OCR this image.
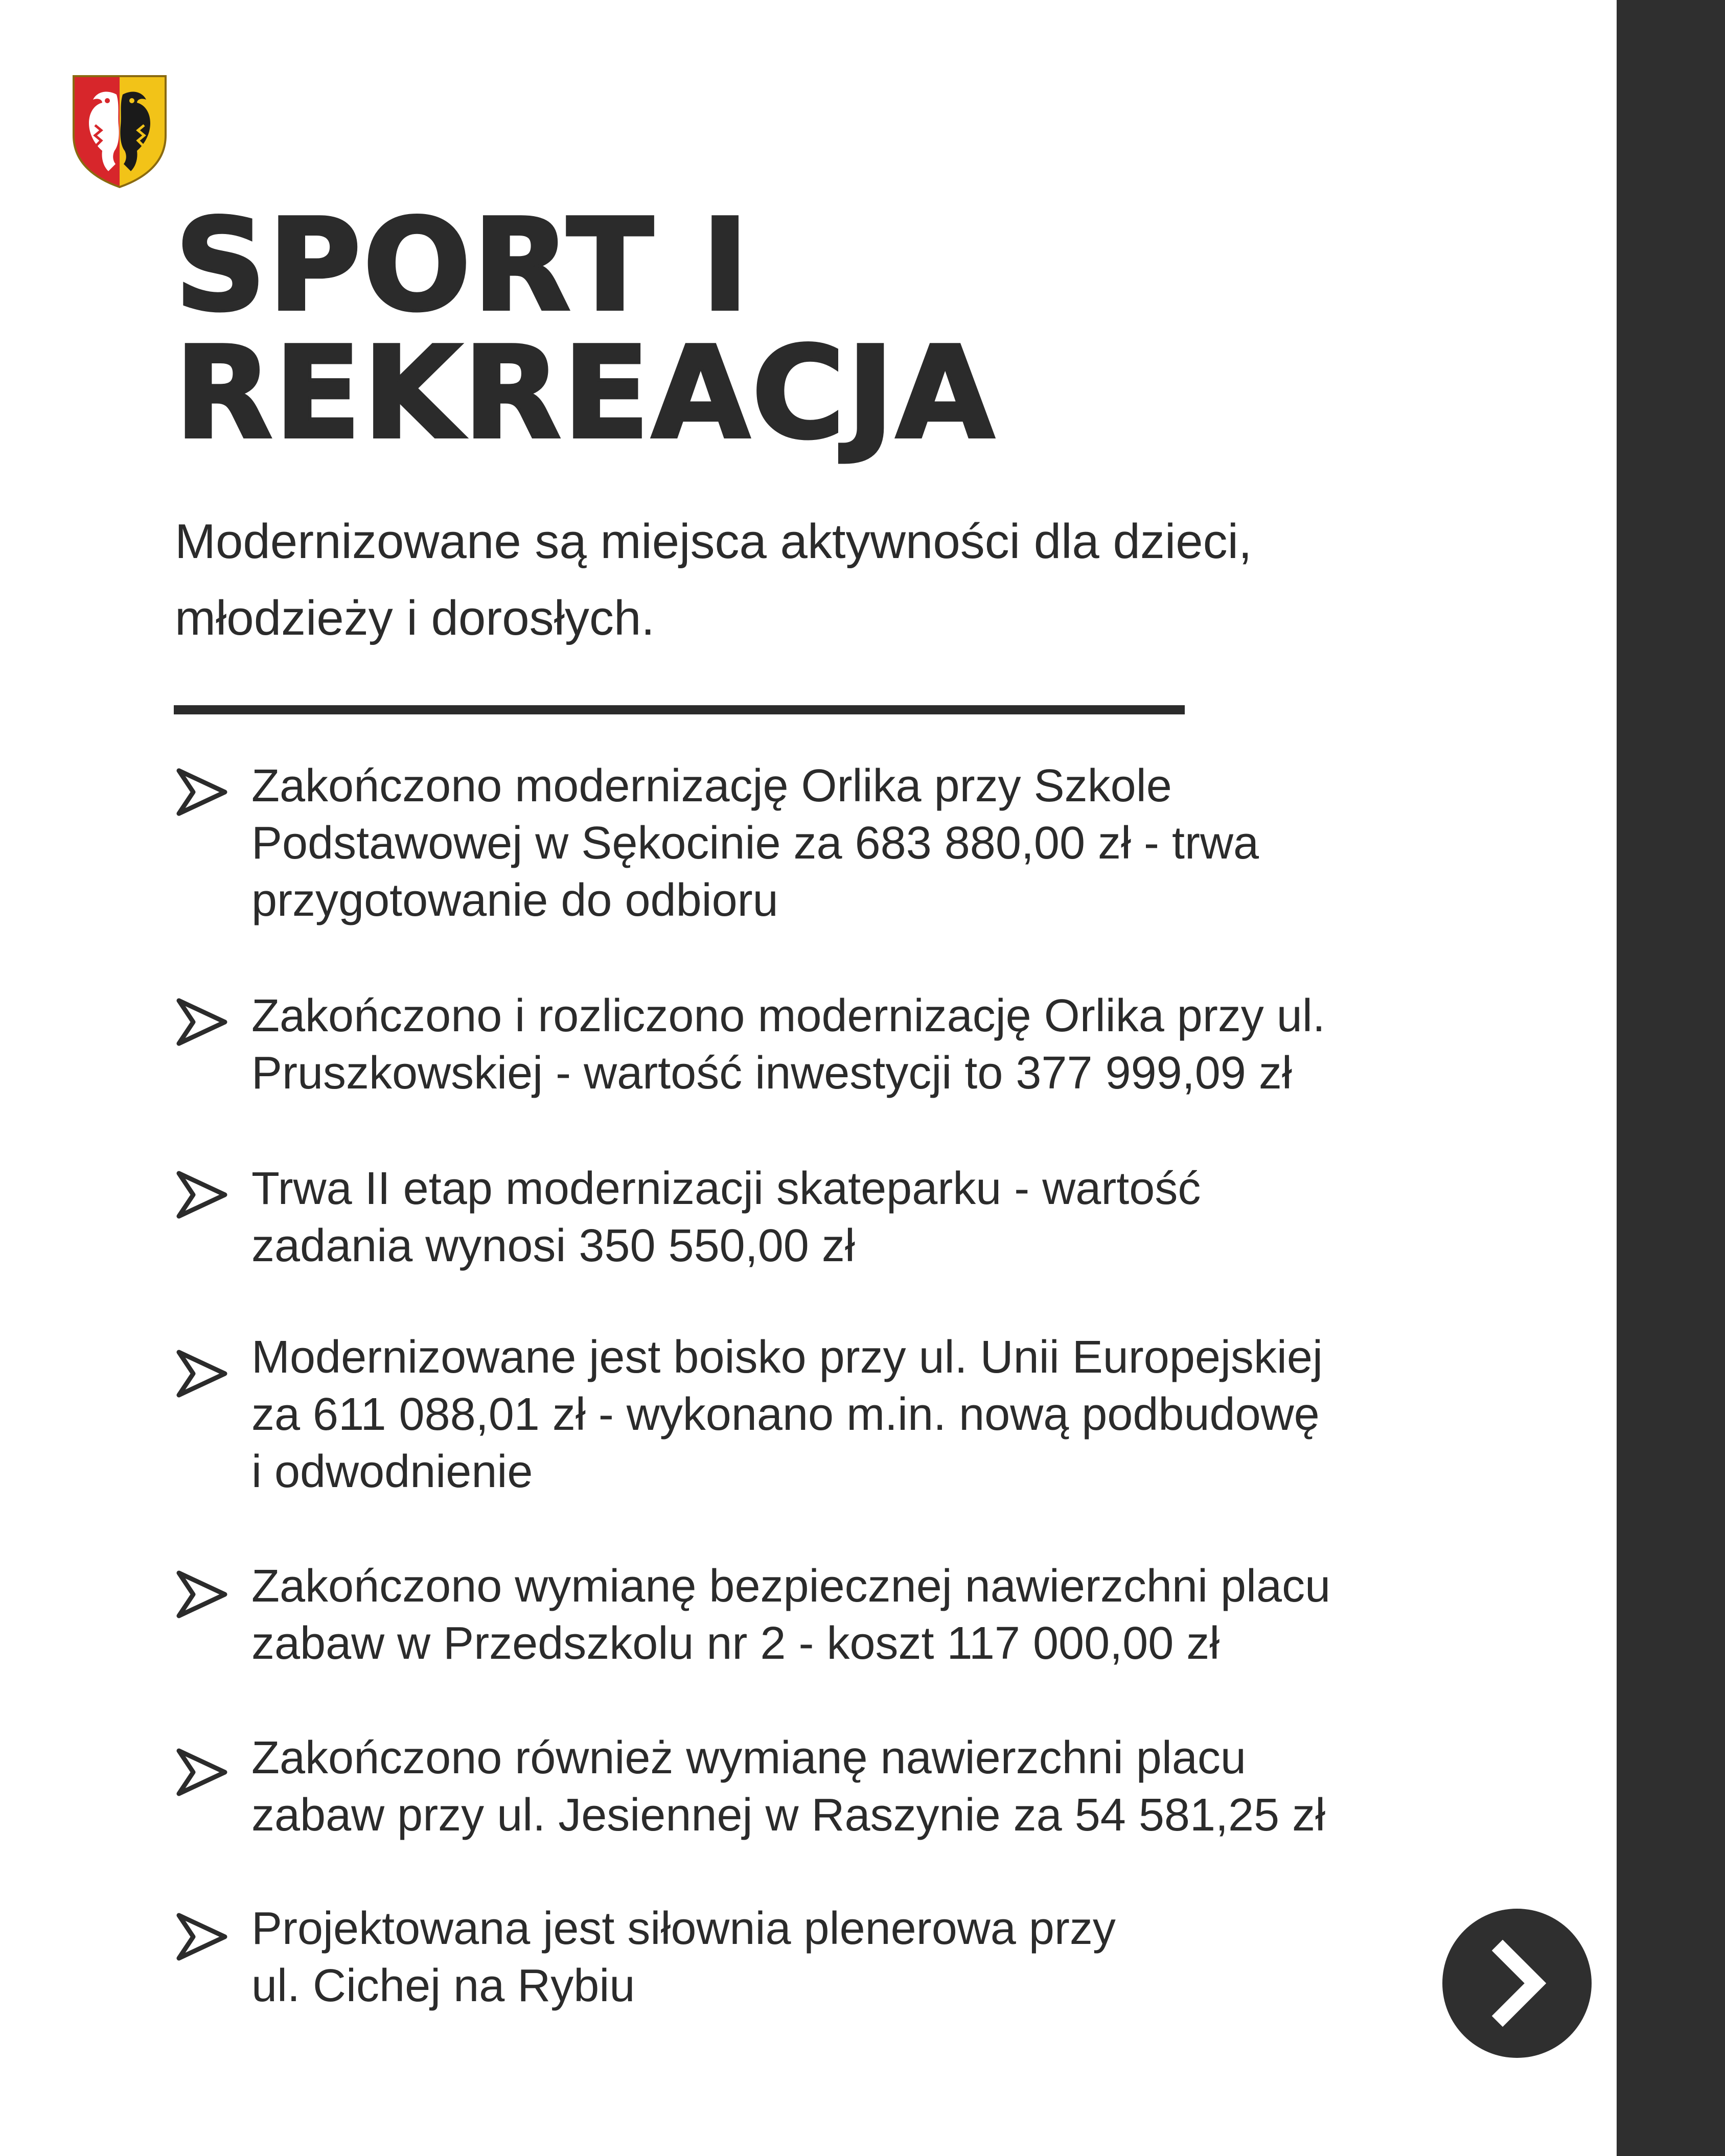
SPORT I
REKREACJA

Modernizowane są miejsca aktywności dla dzieci,
młodzieży i dorosłych.

Zakończono modernizację Orlika przy Szkole
Podstawowej w Sękocinie za 683 880,00 zł - trwa
przygotowanie do odbioru
Zakończono i rozliczono modernizację Orlika przy ul.
Pruszkowskiej - wartość inwestycji to 377 999,09 zł
Trwa II etap modernizacji skateparku - wartość
zadania wynosi 350 550,00 zł
Modernizowane jest boisko przy ul. Unii Europejskiej
za 611 088,01 zł - wykonano m.in. nową podbudowę
i odwodnienie
Zakończono wymianę bezpiecznej nawierzchni placu
zabaw w Przedszkolu nr 2 - koszt 117 000,00 zł
Zakończono również wymianę nawierzchni placu
zabaw przy ul. Jesiennej w Raszynie za 54 581,25 zł
Projektowana jest siłownia plenerowa przy
ul. Cichej na Rybiu
